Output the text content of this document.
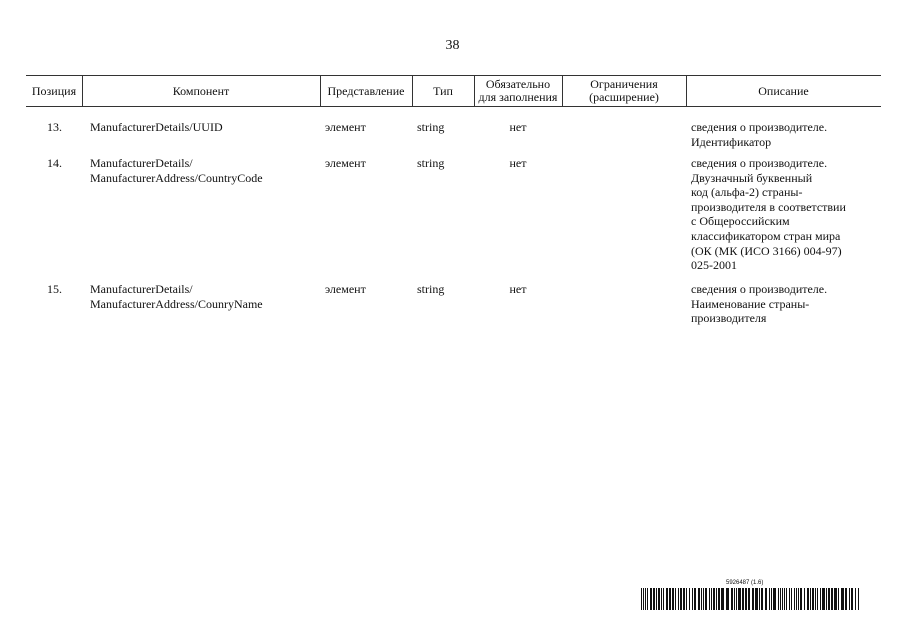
38
Позиция	Компонент	Представление	Тип	Обязательно
для заполнения
Ограничения
(расширение)	Описание
13. ManufacturerDetails/UUID	элемент	string	нет	сведения о производителе.
Идентификатор
14. ManufacturerDetails/
ManufacturerAddress/CountryCode
элемент	string	нет	сведения о производителе.
Двузначный буквенный
код (альфа-2) страны-
производителя в соответствии
с Общероссийским
классификатором стран мира
(ОК (МК (ИСО 3166) 004-97)
025-2001
15. ManufacturerDetails/
ManufacturerAddress/CounryName
элемент	string	нет	сведения о производителе.
Наименование страны-
производителя
5926487 (1.6)
